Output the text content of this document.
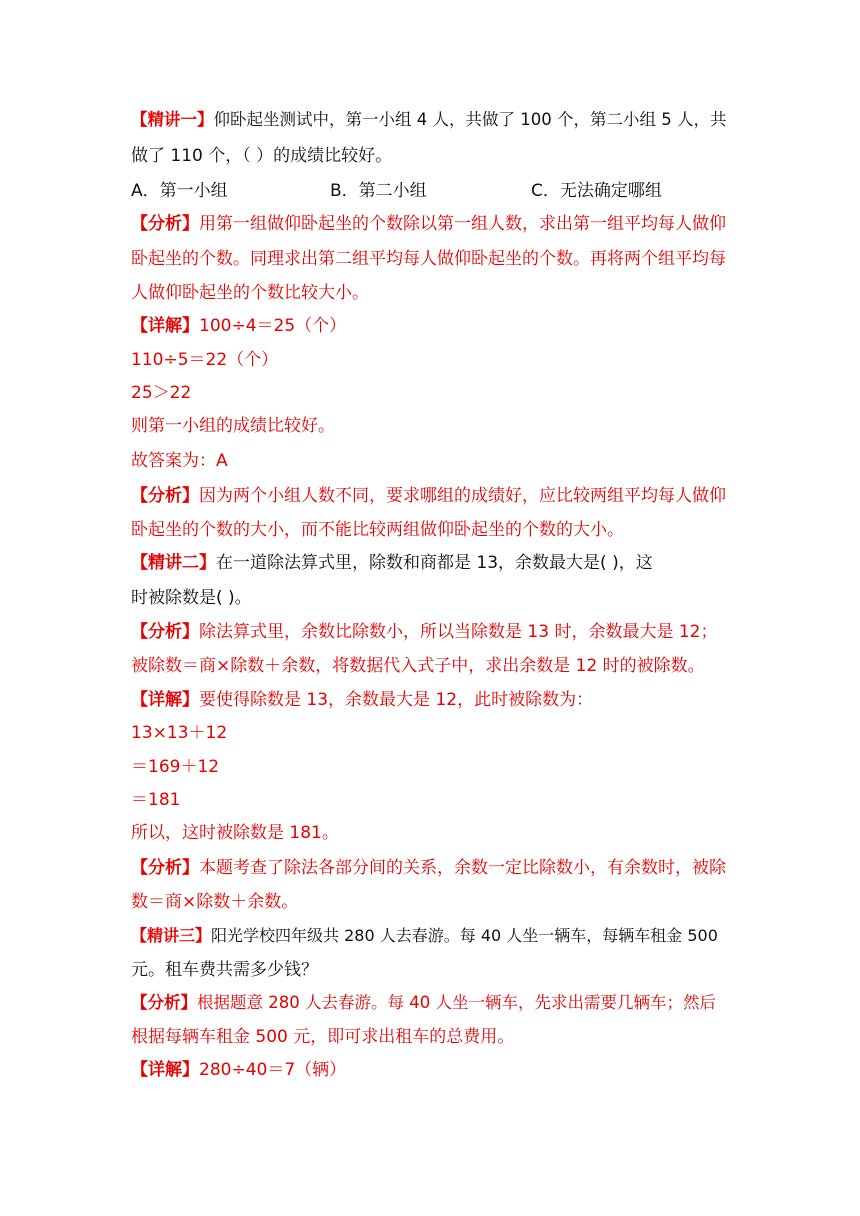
【精讲一】仰卧起坐测试中，第一小组 4 人，共做了 100 个，第二小组 5 人，共
做了 110 个，（ ）的成绩比较好。
A．第一小组	B．第二小组	C．无法确定哪组
【分析】用第一组做仰卧起坐的个数除以第一组人数，求出第一组平均每人做仰
卧起坐的个数。同理求出第二组平均每人做仰卧起坐的个数。再将两个组平均每
人做仰卧起坐的个数比较大小。
【详解】100÷4＝25（个）
110÷5＝22（个）
25＞22
则第一小组的成绩比较好。
故答案为：A
【分析】因为两个小组人数不同，要求哪组的成绩好，应比较两组平均每人做仰
卧起坐的个数的大小，而不能比较两组做仰卧起坐的个数的大小。
【精讲二】在一道除法算式里，除数和商都是 13，余数最大是( )，这
时被除数是( )。
【分析】除法算式里，余数比除数小，所以当除数是 13 时，余数最大是 12；
被除数＝商×除数＋余数，将数据代入式子中，求出余数是 12 时的被除数。
【详解】要使得除数是 13，余数最大是 12，此时被除数为：
13×13＋12
＝169＋12
＝181
所以，这时被除数是 181。
【分析】本题考查了除法各部分间的关系，余数一定比除数小，有余数时，被除
数＝商×除数＋余数。
【精讲三】阳光学校四年级共 280 人去春游。每 40 人坐一辆车，每辆车租金 500
元。租车费共需多少钱？
【分析】根据题意 280 人去春游。每 40 人坐一辆车，先求出需要几辆车；然后
根据每辆车租金 500 元，即可求出租车的总费用。
【详解】280÷40＝7（辆）
